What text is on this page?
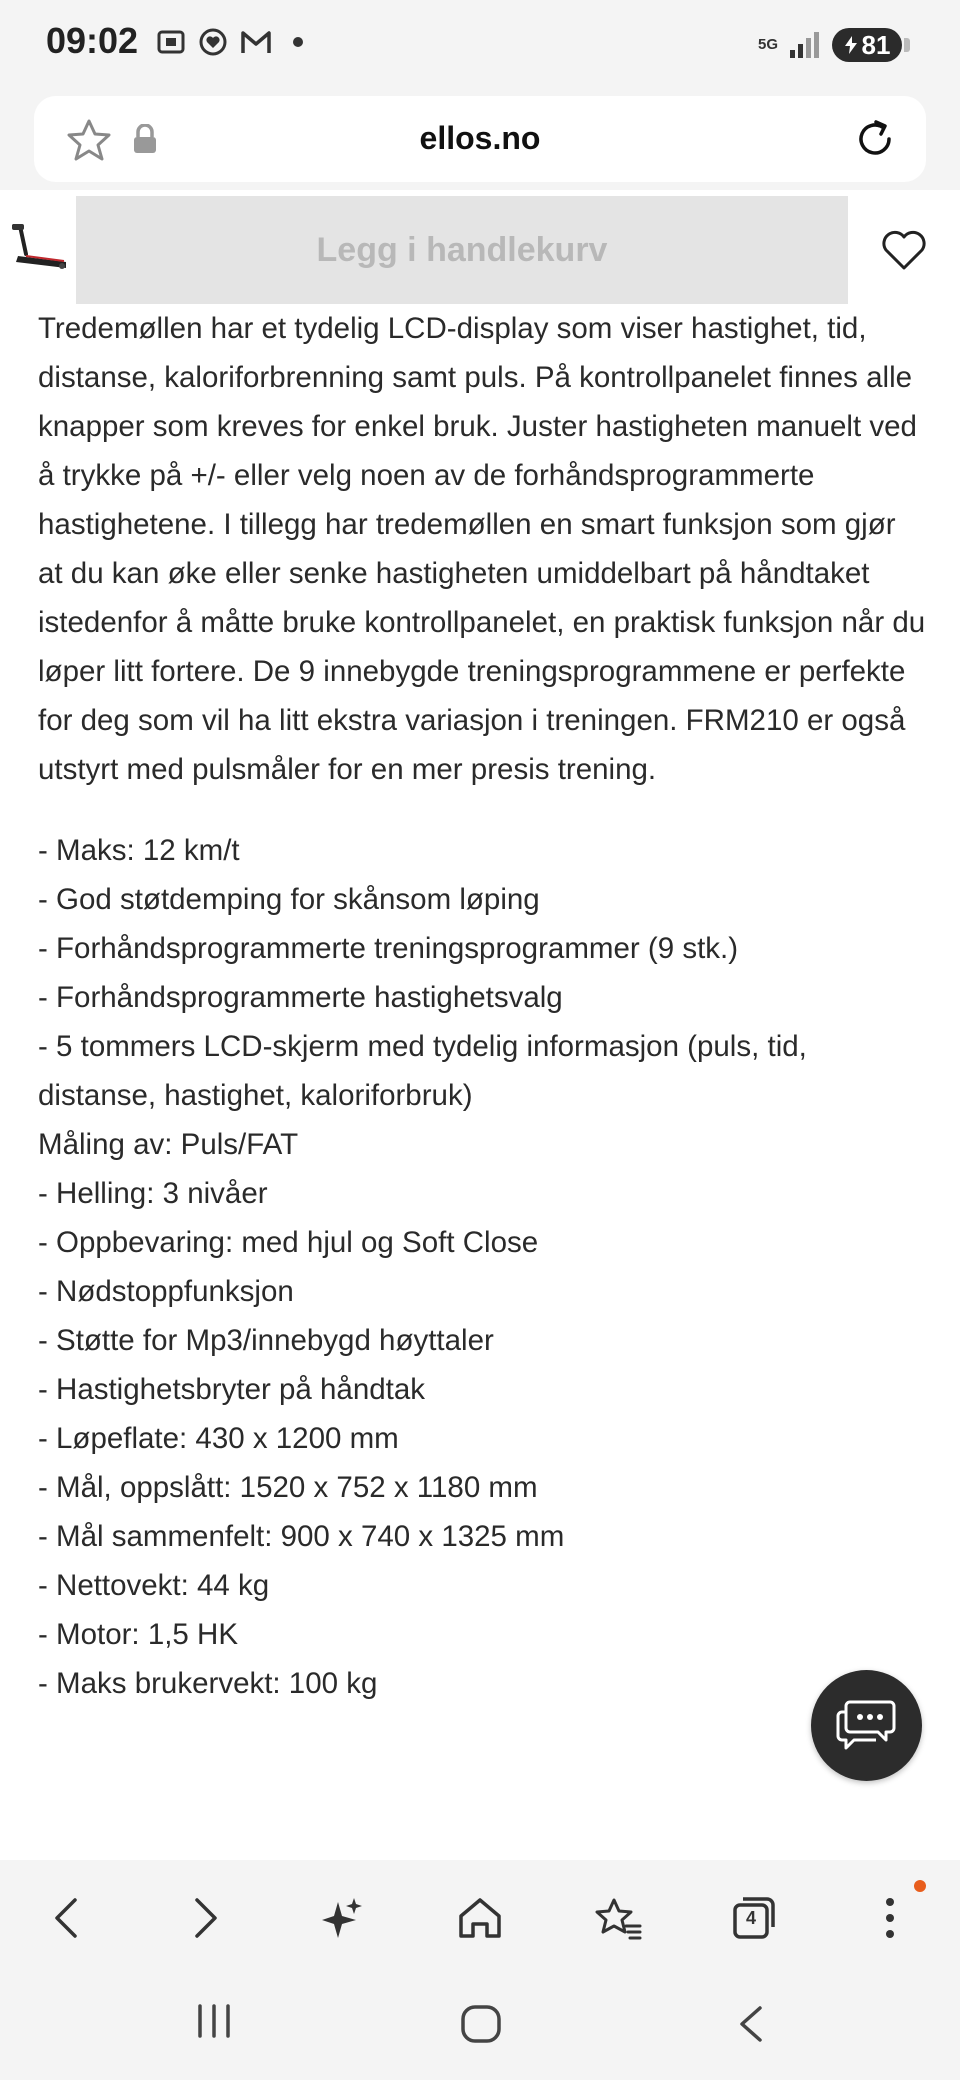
09:02	5G	81
ellos.no
Legg i handlekurv

Tredemøllen har et tydelig LCD-display som viser hastighet, tid, distanse, kaloriforbrenning samt puls. På kontrollpanelet finnes alle knapper som kreves for enkel bruk. Juster hastigheten manuelt ved å trykke på +/- eller velg noen av de forhåndsprogrammerte hastighetene. I tillegg har tredemøllen en smart funksjon som gjør at du kan øke eller senke hastigheten umiddelbart på håndtaket istedenfor å måtte bruke kontrollpanelet, en praktisk funksjon når du løper litt fortere. De 9 innebygde treningsprogrammene er perfekte for deg som vil ha litt ekstra variasjon i treningen. FRM210 er også utstyrt med pulsmåler for en mer presis trening.

- Maks: 12 km/t

- God støtdemping for skånsom løping

- Forhåndsprogrammerte treningsprogrammer (9 stk.)

- Forhåndsprogrammerte hastighetsvalg

- 5 tommers LCD-skjerm med tydelig informasjon (puls, tid, distanse, hastighet, kaloriforbruk)

Måling av: Puls/FAT

- Helling: 3 nivåer

- Oppbevaring: med hjul og Soft Close

- Nødstoppfunksjon

- Støtte for Mp3/innebygd høyttaler

- Hastighetsbryter på håndtak

- Løpeflate: 430 x 1200 mm

- Mål, oppslått: 1520 x 752 x 1180 mm

- Mål sammenfelt: 900 x 740 x 1325 mm

- Nettovekt: 44 kg

- Motor: 1,5 HK

- Maks brukervekt: 100 kg

4
